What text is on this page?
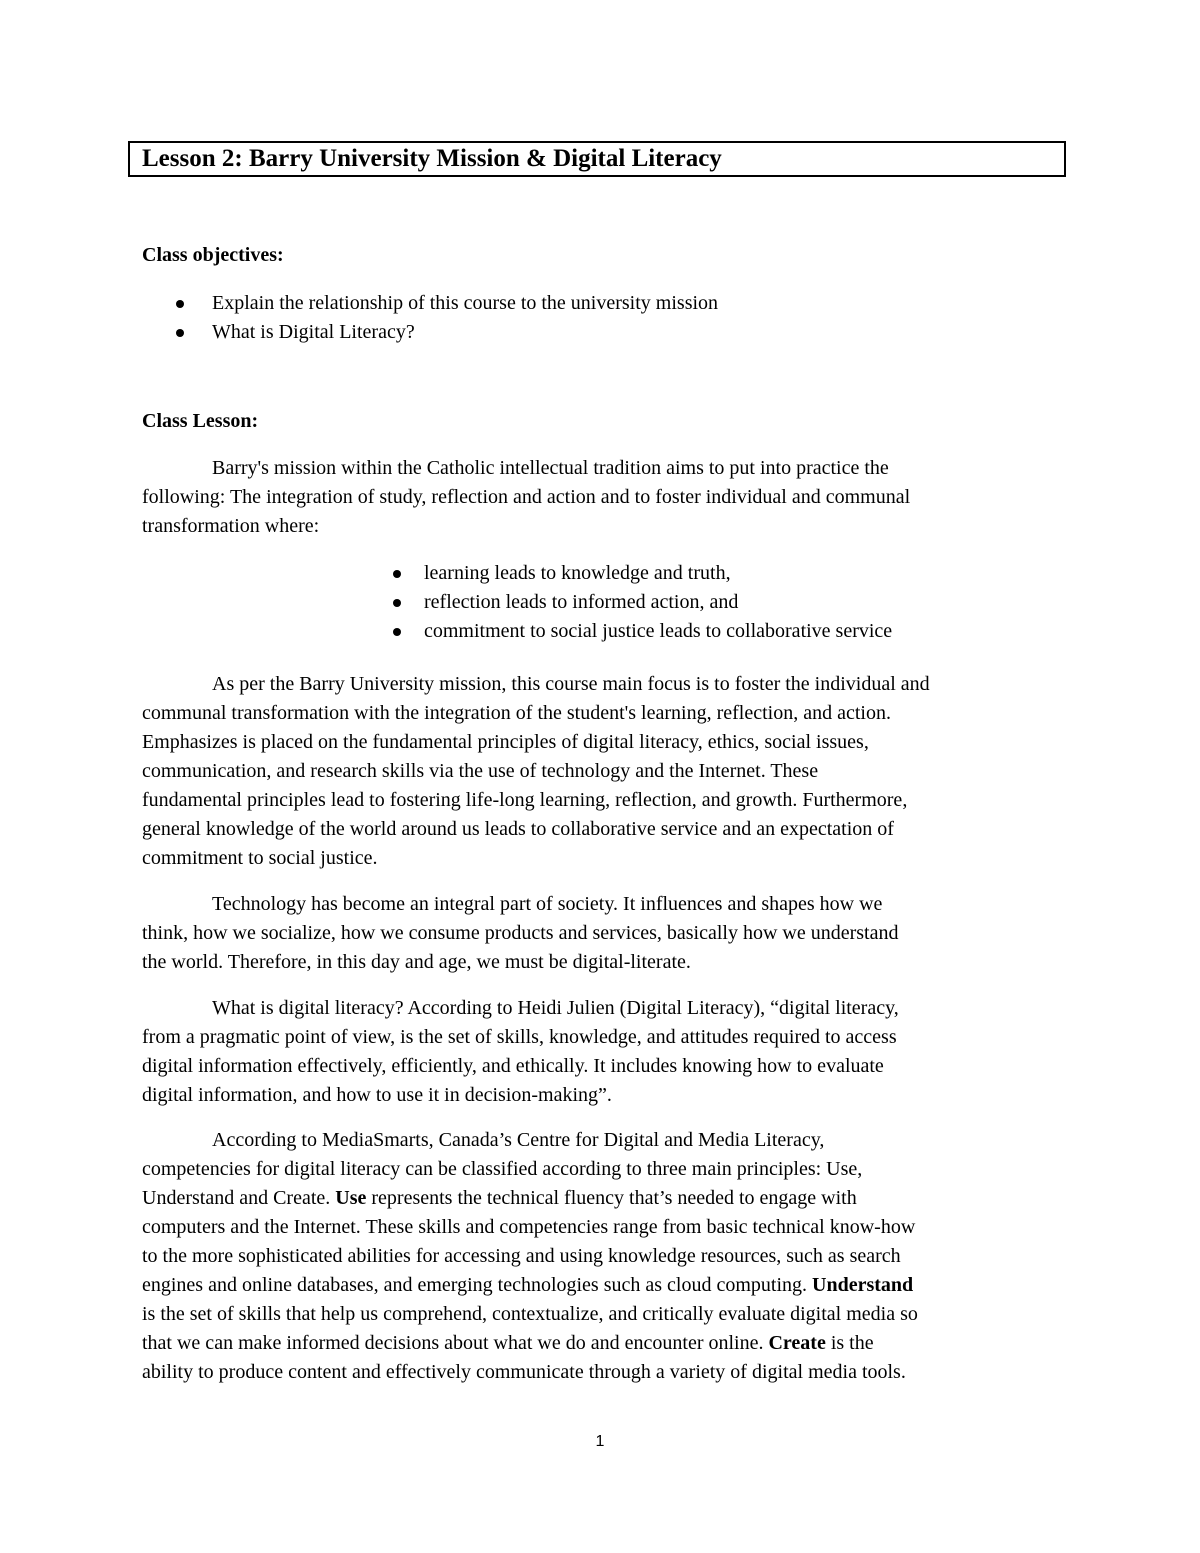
Lesson 2: Barry University Mission & Digital Literacy
Class objectives:
Explain the relationship of this course to the university mission
What is Digital Literacy?
Class Lesson:
Barry's mission within the Catholic intellectual tradition aims to put into practice the
following: The integration of study, reflection and action and to foster individual and communal
transformation where:
learning leads to knowledge and truth,
reflection leads to informed action, and
commitment to social justice leads to collaborative service
As per the Barry University mission, this course main focus is to foster the individual and
communal transformation with the integration of the student's learning, reflection, and action.
Emphasizes is placed on the fundamental principles of digital literacy, ethics, social issues,
communication, and research skills via the use of technology and the Internet. These
fundamental principles lead to fostering life-long learning, reflection, and growth. Furthermore,
general knowledge of the world around us leads to collaborative service and an expectation of
commitment to social justice.
Technology has become an integral part of society. It influences and shapes how we
think, how we socialize, how we consume products and services, basically how we understand
the world. Therefore, in this day and age, we must be digital-literate.
What is digital literacy? According to Heidi Julien (Digital Literacy), “digital literacy,
from a pragmatic point of view, is the set of skills, knowledge, and attitudes required to access
digital information effectively, efficiently, and ethically. It includes knowing how to evaluate
digital information, and how to use it in decision-making”.
According to MediaSmarts, Canada’s Centre for Digital and Media Literacy,
competencies for digital literacy can be classified according to three main principles: Use,
Understand and Create. Use represents the technical fluency that’s needed to engage with
computers and the Internet. These skills and competencies range from basic technical know-how
to the more sophisticated abilities for accessing and using knowledge resources, such as search
engines and online databases, and emerging technologies such as cloud computing. Understand
is the set of skills that help us comprehend, contextualize, and critically evaluate digital media so
that we can make informed decisions about what we do and encounter online. Create is the
ability to produce content and effectively communicate through a variety of digital media tools.
1
